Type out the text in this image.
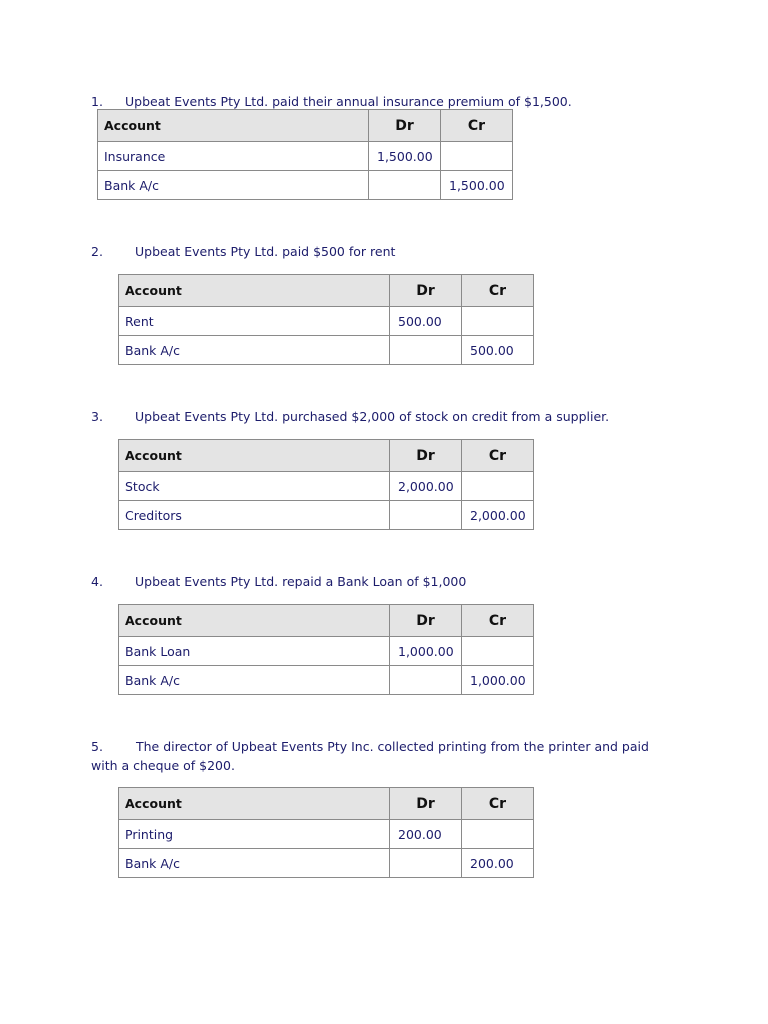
1. Upbeat Events Pty Ltd. paid their annual insurance premium of $1,500.
Account	Dr	Cr
Insurance	1,500.00	
Bank A/c		1,500.00
2.	Upbeat Events Pty Ltd. paid $500 for rent
Account	Dr	Cr
Rent	500.00	
Bank A/c		500.00
3.	Upbeat Events Pty Ltd. purchased $2,000 of stock on credit from a supplier.
Account	Dr	Cr
Stock	2,000.00	
Creditors		2,000.00
4.	Upbeat Events Pty Ltd. repaid a Bank Loan of $1,000
Account	Dr	Cr
Bank Loan	1,000.00	
Bank A/c		1,000.00
5.	The director of Upbeat Events Pty Inc. collected printing from the printer and paid with a cheque of $200.
Account	Dr	Cr
Printing	200.00	
Bank A/c		200.00
